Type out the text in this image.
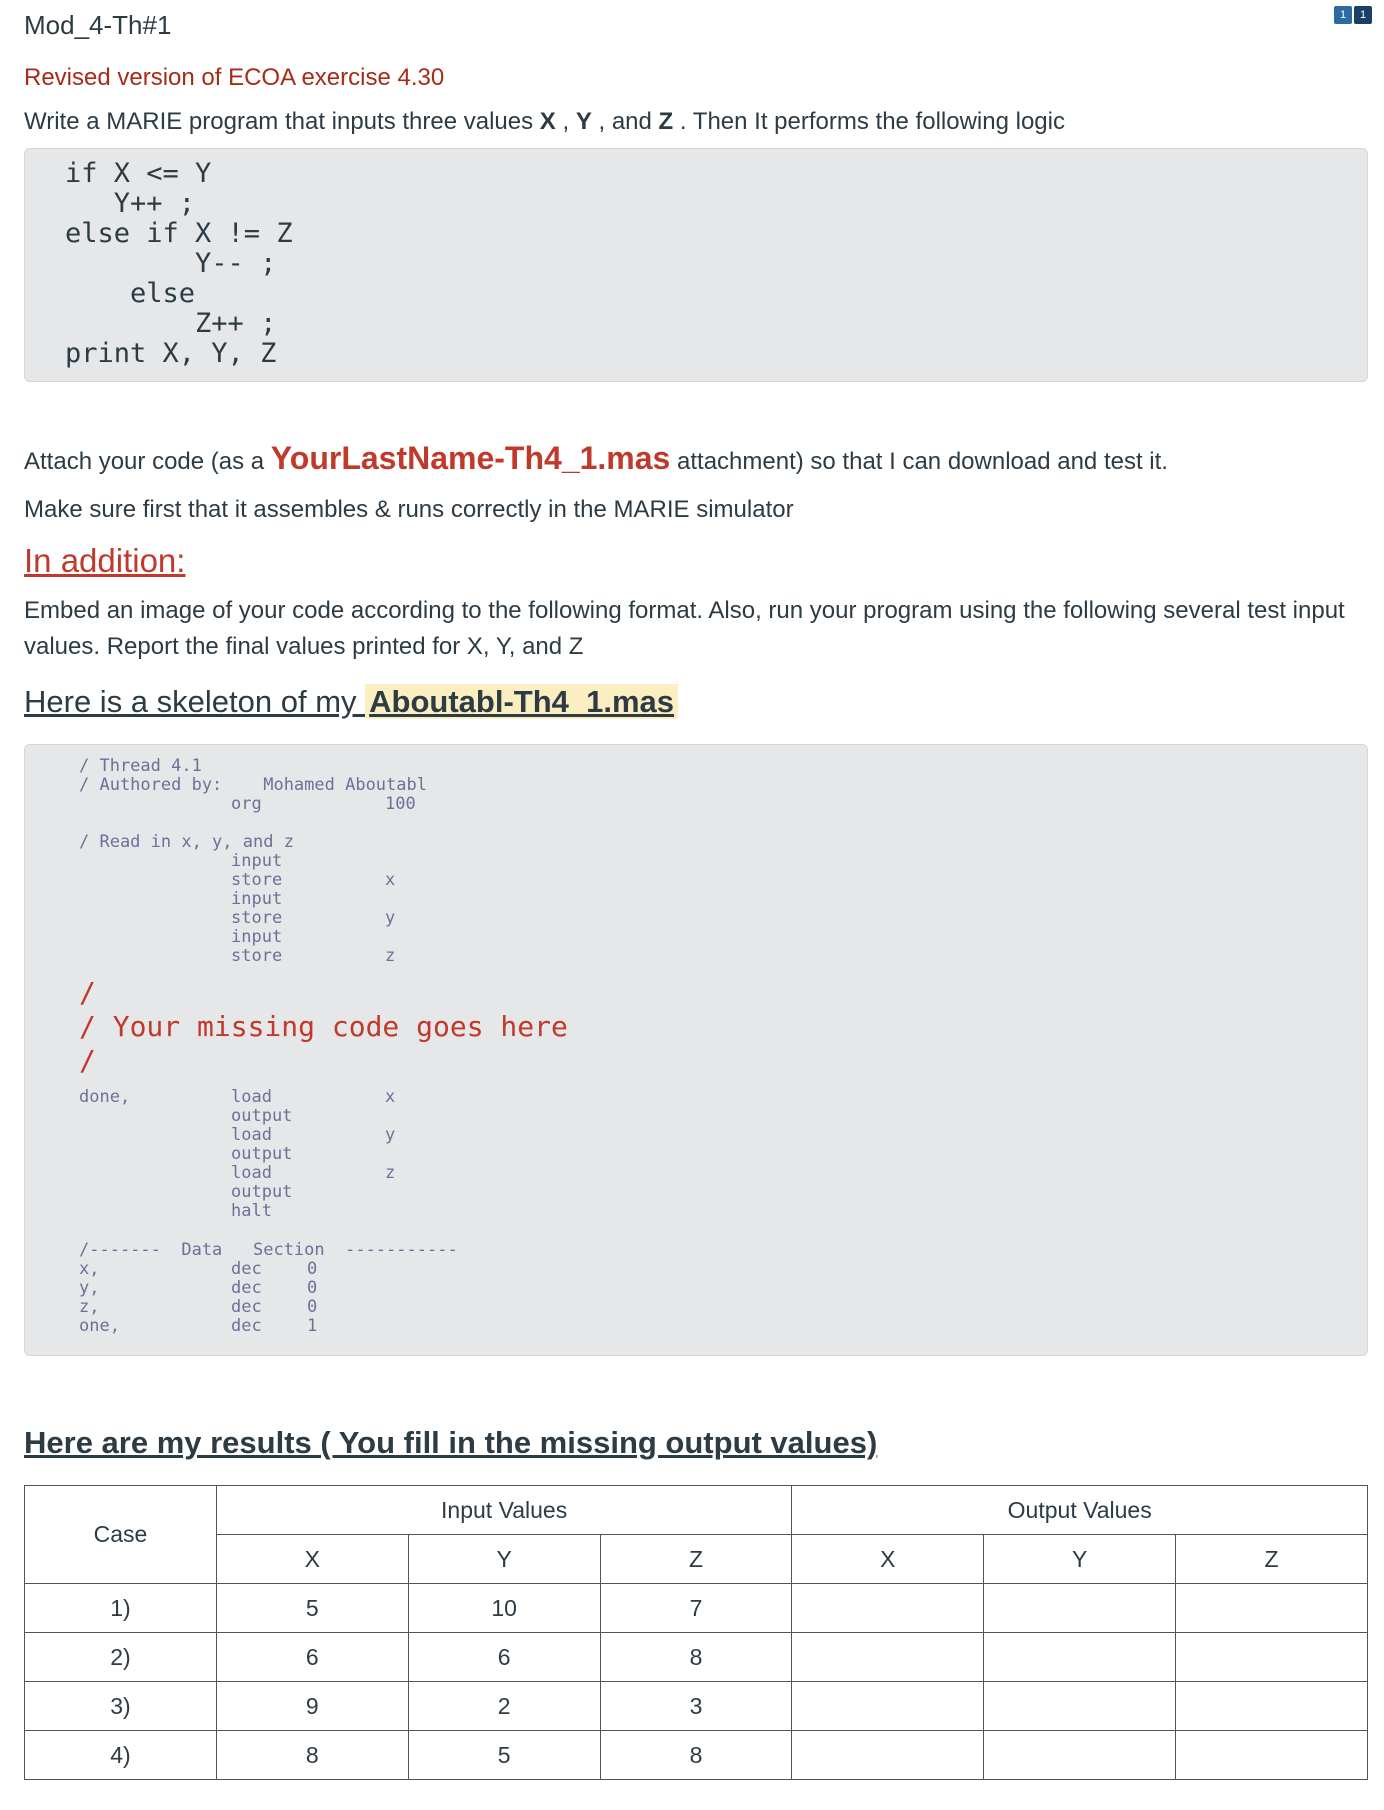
Mod_4-Th#1	1	1
Revised version of ECOA exercise 4.30
Write a MARIE program that inputs three values X , Y , and Z . Then It performs the following logic
if X <= Y
Y++ ;
else if X != Z
Y-- ;
else
Z++ ;
print X, Y, Z
Attach your code (as a YourLastName-Th4_1.mas attachment) so that I can download and test it.
Make sure first that it assembles & runs correctly in the MARIE simulator
In addition:
Embed an image of your code according to the following format. Also, run your program using the following several test input values. Report the final values printed for X, Y, and Z
Here is a skeleton of my Aboutabl-Th4_1.mas

/ Thread 4.1

/ Authored by:    Mohamed Aboutabl

org

	100

/ Read in x, y, and z

input

store

	x

input

store

	y

input

store

	z

/

/ Your missing code goes here

/

done,

	load

	x

output

load

	y

output

load

	z

output

halt

/-------  Data   Section  -----------

x,

	dec

	0

y,

	dec

	0

z,

	dec

	0

one,

	dec

	1

Here are my results ( You fill in the missing output values)
Case	Input Values			Output Values		
	X	Y	Z	X	Y	Z
1)	5	10	7			
2)	6	6	8			
3)	9	2	3			
4)	8	5	8			
